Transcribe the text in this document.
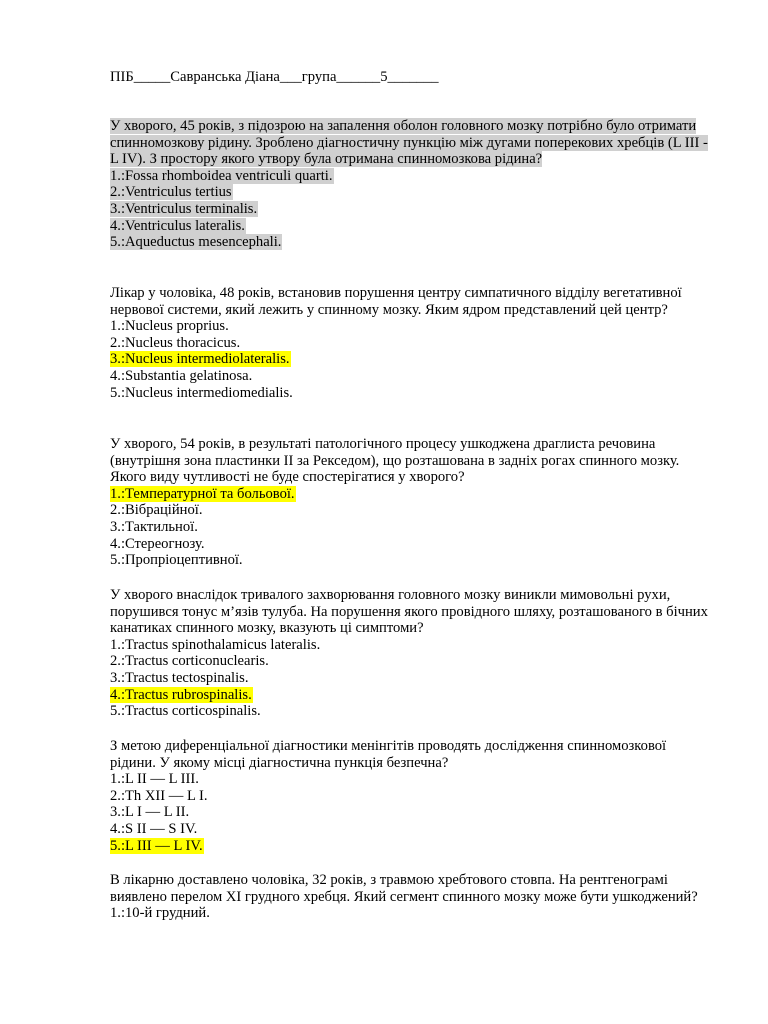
ПІБ_____Савранська Діана___група______5_______

У хворого, 45 років, з підозрою на запалення оболон головного мозку потрібно було отримати спинномозкову рідину. Зроблено діагностичну пункцію між дугами поперекових хребців (L III - L IV). З простору якого утвору була отримана спинномозкова рідина?

1.:Fossa rhomboidea ventriculi quarti.

2.:Ventriculus tertius

3.:Ventriculus terminalis.

4.:Ventriculus lateralis.

5.:Aqueductus mesencephali.

Лікар у чоловіка, 48 років, встановив порушення центру симпатичного відділу вегетативної нервової системи, який лежить у спинному мозку. Яким ядром представлений цей центр?

1.:Nucleus proprius.

2.:Nucleus thoracicus.

3.:Nucleus intermediolateralis.

4.:Substantia gelatinosa.

5.:Nucleus intermediomedialis.

У хворого, 54 років, в результаті патологічного процесу ушкоджена драглиста речовина (внутрішня зона пластинки II за Рекседом), що розташована в задніх рогах спинного мозку. Якого виду чутливості не буде спостерігатися у хворого?

1.:Температурної та больової.

2.:Вібраційної.

3.:Тактильної.

4.:Стереогнозу.

5.:Пропріоцептивної.

У хворого внаслідок тривалого захворювання головного мозку виникли мимовольні рухи, порушився тонус м’язів тулуба. На порушення якого провідного шляху, розташованого в бічних канатиках спинного мозку, вказують ці симптоми?

1.:Tractus spinothalamicus lateralis.

2.:Tractus corticonuclearis.

3.:Tractus tectospinalis.

4.:Tractus rubrospinalis.

5.:Tractus corticospinalis.

З метою диференціальної діагностики менінгітів проводять дослідження спинномозкової рідини. У якому місці діагностична пункція безпечна?

1.:L II — L III.

2.:Th XII — L I.

3.:L I — L II.

4.:S II — S IV.

5.:L III — L IV.

В лікарню доставлено чоловіка, 32 років, з травмою хребтового стовпа. На рентгенограмі виявлено перелом XI грудного хребця. Який сегмент спинного мозку може бути ушкоджений?

1.:10-й грудний.
